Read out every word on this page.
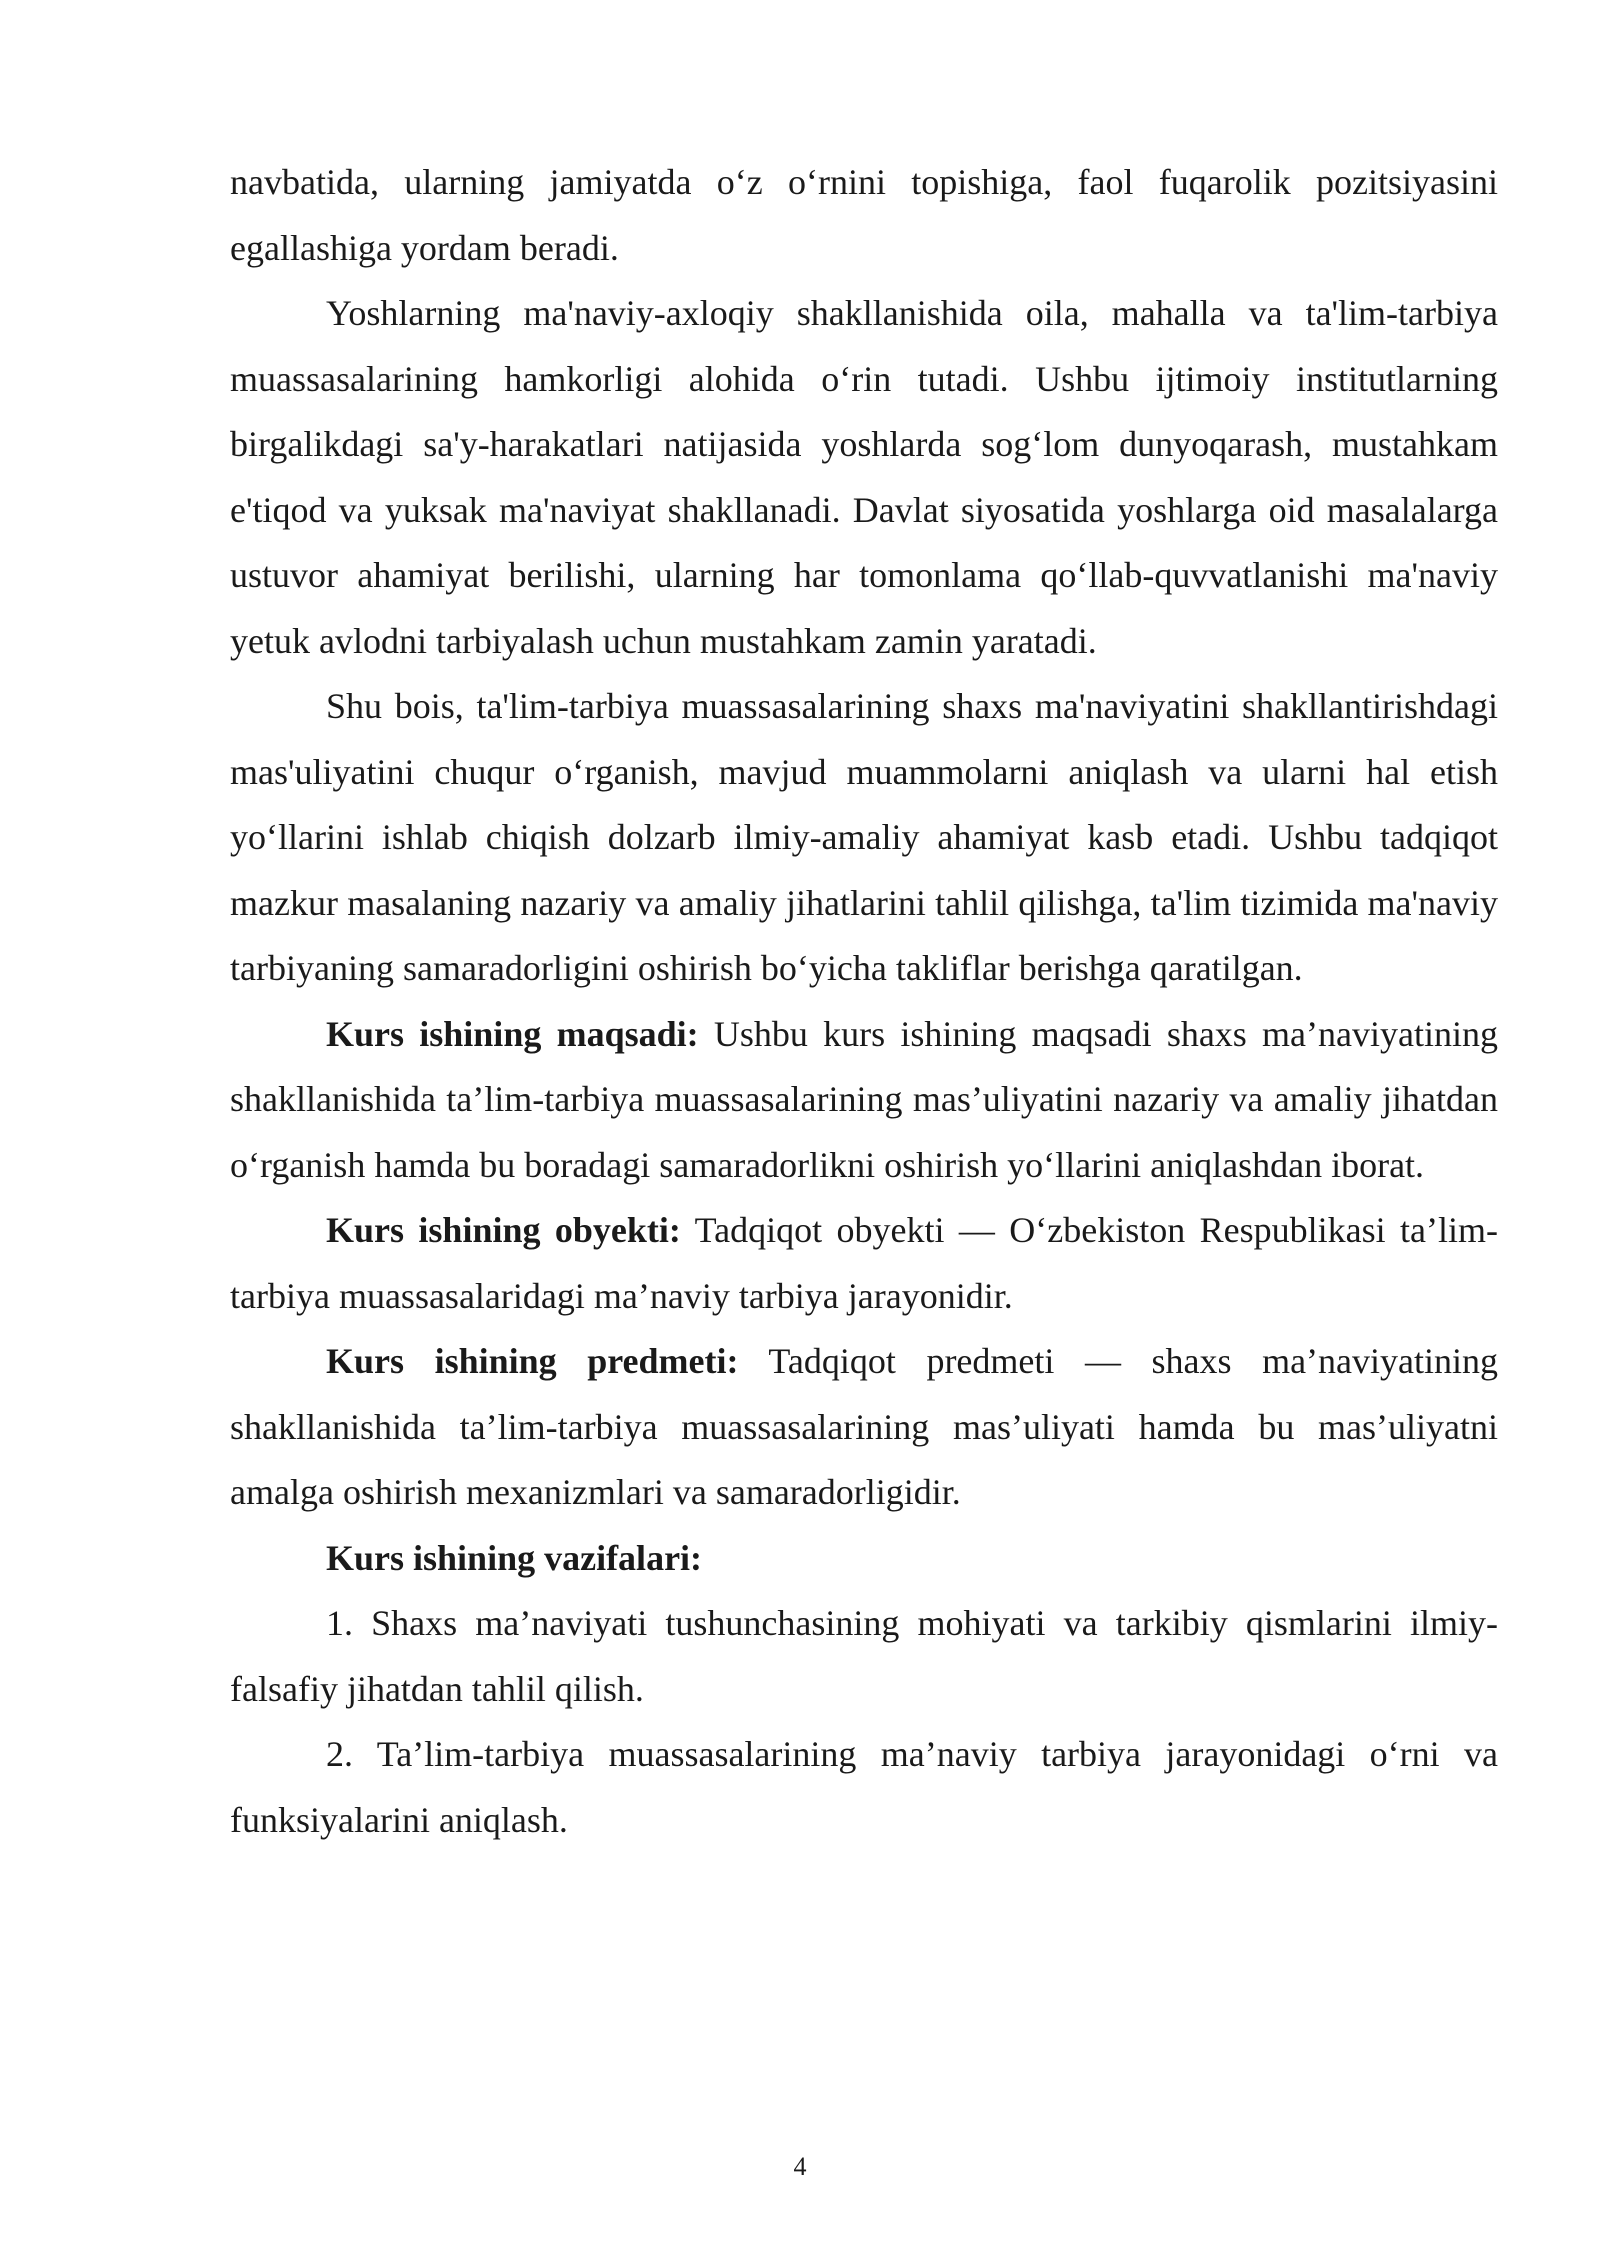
navbatida, ularning jamiyatda o‘z o‘rnini topishiga, faol fuqarolik pozitsiyasini egallashiga yordam beradi.

Yoshlarning ma'naviy-axloqiy shakllanishida oila, mahalla va ta'lim-tarbiya muassasalarining hamkorligi alohida o‘rin tutadi. Ushbu ijtimoiy institutlarning birgalikdagi sa'y-harakatlari natijasida yoshlarda sog‘lom dunyoqarash, mustahkam e'tiqod va yuksak ma'naviyat shakllanadi. Davlat siyosatida yoshlarga oid masalalarga ustuvor ahamiyat berilishi, ularning har tomonlama qo‘llab-quvvatlanishi ma'naviy yetuk avlodni tarbiyalash uchun mustahkam zamin yaratadi.

Shu bois, ta'lim-tarbiya muassasalarining shaxs ma'naviyatini shakllantirishdagi mas'uliyatini chuqur o‘rganish, mavjud muammolarni aniqlash va ularni hal etish yo‘llarini ishlab chiqish dolzarb ilmiy-amaliy ahamiyat kasb etadi. Ushbu tadqiqot mazkur masalaning nazariy va amaliy jihatlarini tahlil qilishga, ta'lim tizimida ma'naviy tarbiyaning samaradorligini oshirish bo‘yicha takliflar berishga qaratilgan.

Kurs ishining maqsadi: Ushbu kurs ishining maqsadi shaxs ma’naviyatining shakllanishida ta’lim-tarbiya muassasalarining mas’uliyatini nazariy va amaliy jihatdan o‘rganish hamda bu boradagi samaradorlikni oshirish yo‘llarini aniqlashdan iborat.

Kurs ishining obyekti: Tadqiqot obyekti — O‘zbekiston Respublikasi ta’lim-tarbiya muassasalaridagi ma’naviy tarbiya jarayonidir.

Kurs ishining predmeti: Tadqiqot predmeti — shaxs ma’naviyatining shakllanishida ta’lim-tarbiya muassasalarining mas’uliyati hamda bu mas’uliyatni amalga oshirish mexanizmlari va samaradorligidir.

Kurs ishining vazifalari:

1. Shaxs ma’naviyati tushunchasining mohiyati va tarkibiy qismlarini ilmiy-falsafiy jihatdan tahlil qilish.

2. Ta’lim-tarbiya muassasalarining ma’naviy tarbiya jarayonidagi o‘rni va funksiyalarini aniqlash.

4
